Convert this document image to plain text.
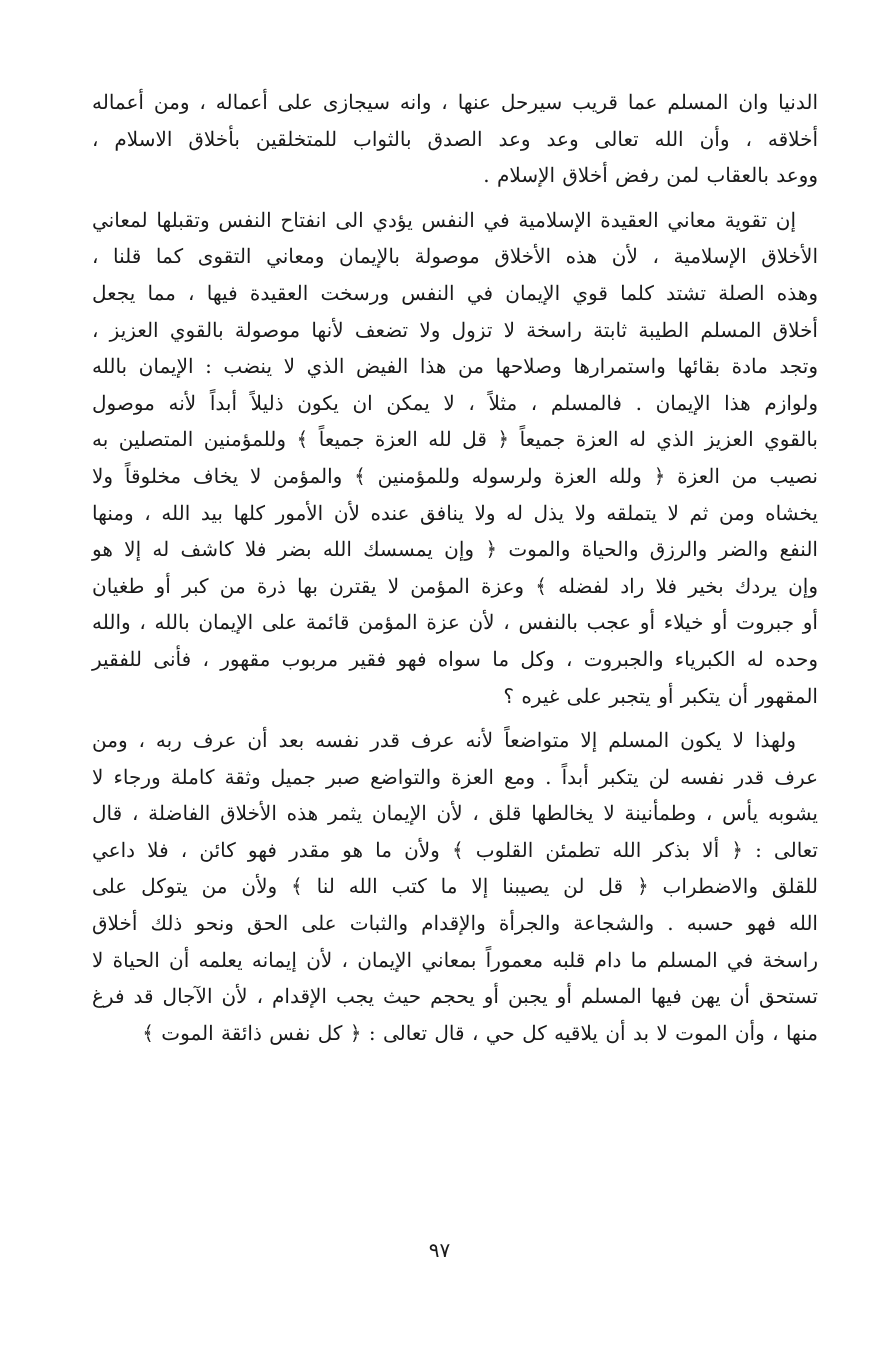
الدنيا وان المسلم عما قريب سيرحل عنها ، وانه سيجازى على أعماله ، ومن أعماله
أخلاقه ، وأن الله تعالى وعد وعد الصدق بالثواب للمتخلقين بأخلاق الاسلام ،
ووعد بالعقاب لمن رفض أخلاق الإسلام .
إن تقوية معاني العقيدة الإسلامية في النفس يؤدي الى انفتاح النفس وتقبلها لمعاني
الأخلاق الإسلامية ، لأن هذه الأخلاق موصولة بالإيمان ومعاني التقوى كما قلنا ،
وهذه الصلة تشتد كلما قوي الإيمان في النفس ورسخت العقيدة فيها ، مما يجعل
أخلاق المسلم الطيبة ثابتة راسخة لا تزول ولا تضعف لأنها موصولة بالقوي العزيز ،
وتجد مادة بقائها واستمرارها وصلاحها من هذا الفيض الذي لا ينضب : الإيمان بالله
ولوازم هذا الإيمان . فالمسلم ، مثلاً ، لا يمكن ان يكون ذليلاً أبداً لأنه موصول
بالقوي العزيز الذي له العزة جميعاً ﴿ قل لله العزة جميعاً ﴾ وللمؤمنين المتصلين به
نصيب من العزة ﴿ ولله العزة ولرسوله وللمؤمنين ﴾ والمؤمن لا يخاف مخلوقاً ولا
يخشاه ومن ثم لا يتملقه ولا يذل له ولا ينافق عنده لأن الأمور كلها بيد الله ، ومنها
النفع والضر والرزق والحياة والموت ﴿ وإن يمسسك الله بضر فلا كاشف له إلا هو
وإن يردك بخير فلا راد لفضله ﴾ وعزة المؤمن لا يقترن بها ذرة من كبر أو طغيان
أو جبروت أو خيلاء أو عجب بالنفس ، لأن عزة المؤمن قائمة على الإيمان بالله ، والله
وحده له الكبرياء والجبروت ، وكل ما سواه فهو فقير مربوب مقهور ، فأنى للفقير
المقهور أن يتكبر أو يتجبر على غيره ؟
ولهذا لا يكون المسلم إلا متواضعاً لأنه عرف قدر نفسه بعد أن عرف ربه ، ومن
عرف قدر نفسه لن يتكبر أبداً . ومع العزة والتواضع صبر جميل وثقة كاملة ورجاء لا
يشوبه يأس ، وطمأنينة لا يخالطها قلق ، لأن الإيمان يثمر هذه الأخلاق الفاضلة ، قال
تعالى : ﴿ ألا بذكر الله تطمئن القلوب ﴾ ولأن ما هو مقدر فهو كائن ، فلا داعي
للقلق والاضطراب ﴿ قل لن يصيبنا إلا ما كتب الله لنا ﴾ ولأن من يتوكل على
الله فهو حسبه . والشجاعة والجرأة والإقدام والثبات على الحق ونحو ذلك أخلاق
راسخة في المسلم ما دام قلبه معموراً بمعاني الإيمان ، لأن إيمانه يعلمه أن الحياة لا
تستحق أن يهن فيها المسلم أو يجبن أو يحجم حيث يجب الإقدام ، لأن الآجال قد فرغ
منها ، وأن الموت لا بد أن يلاقيه كل حي ، قال تعالى : ﴿ كل نفس ذائقة الموت ﴾
٩٧
